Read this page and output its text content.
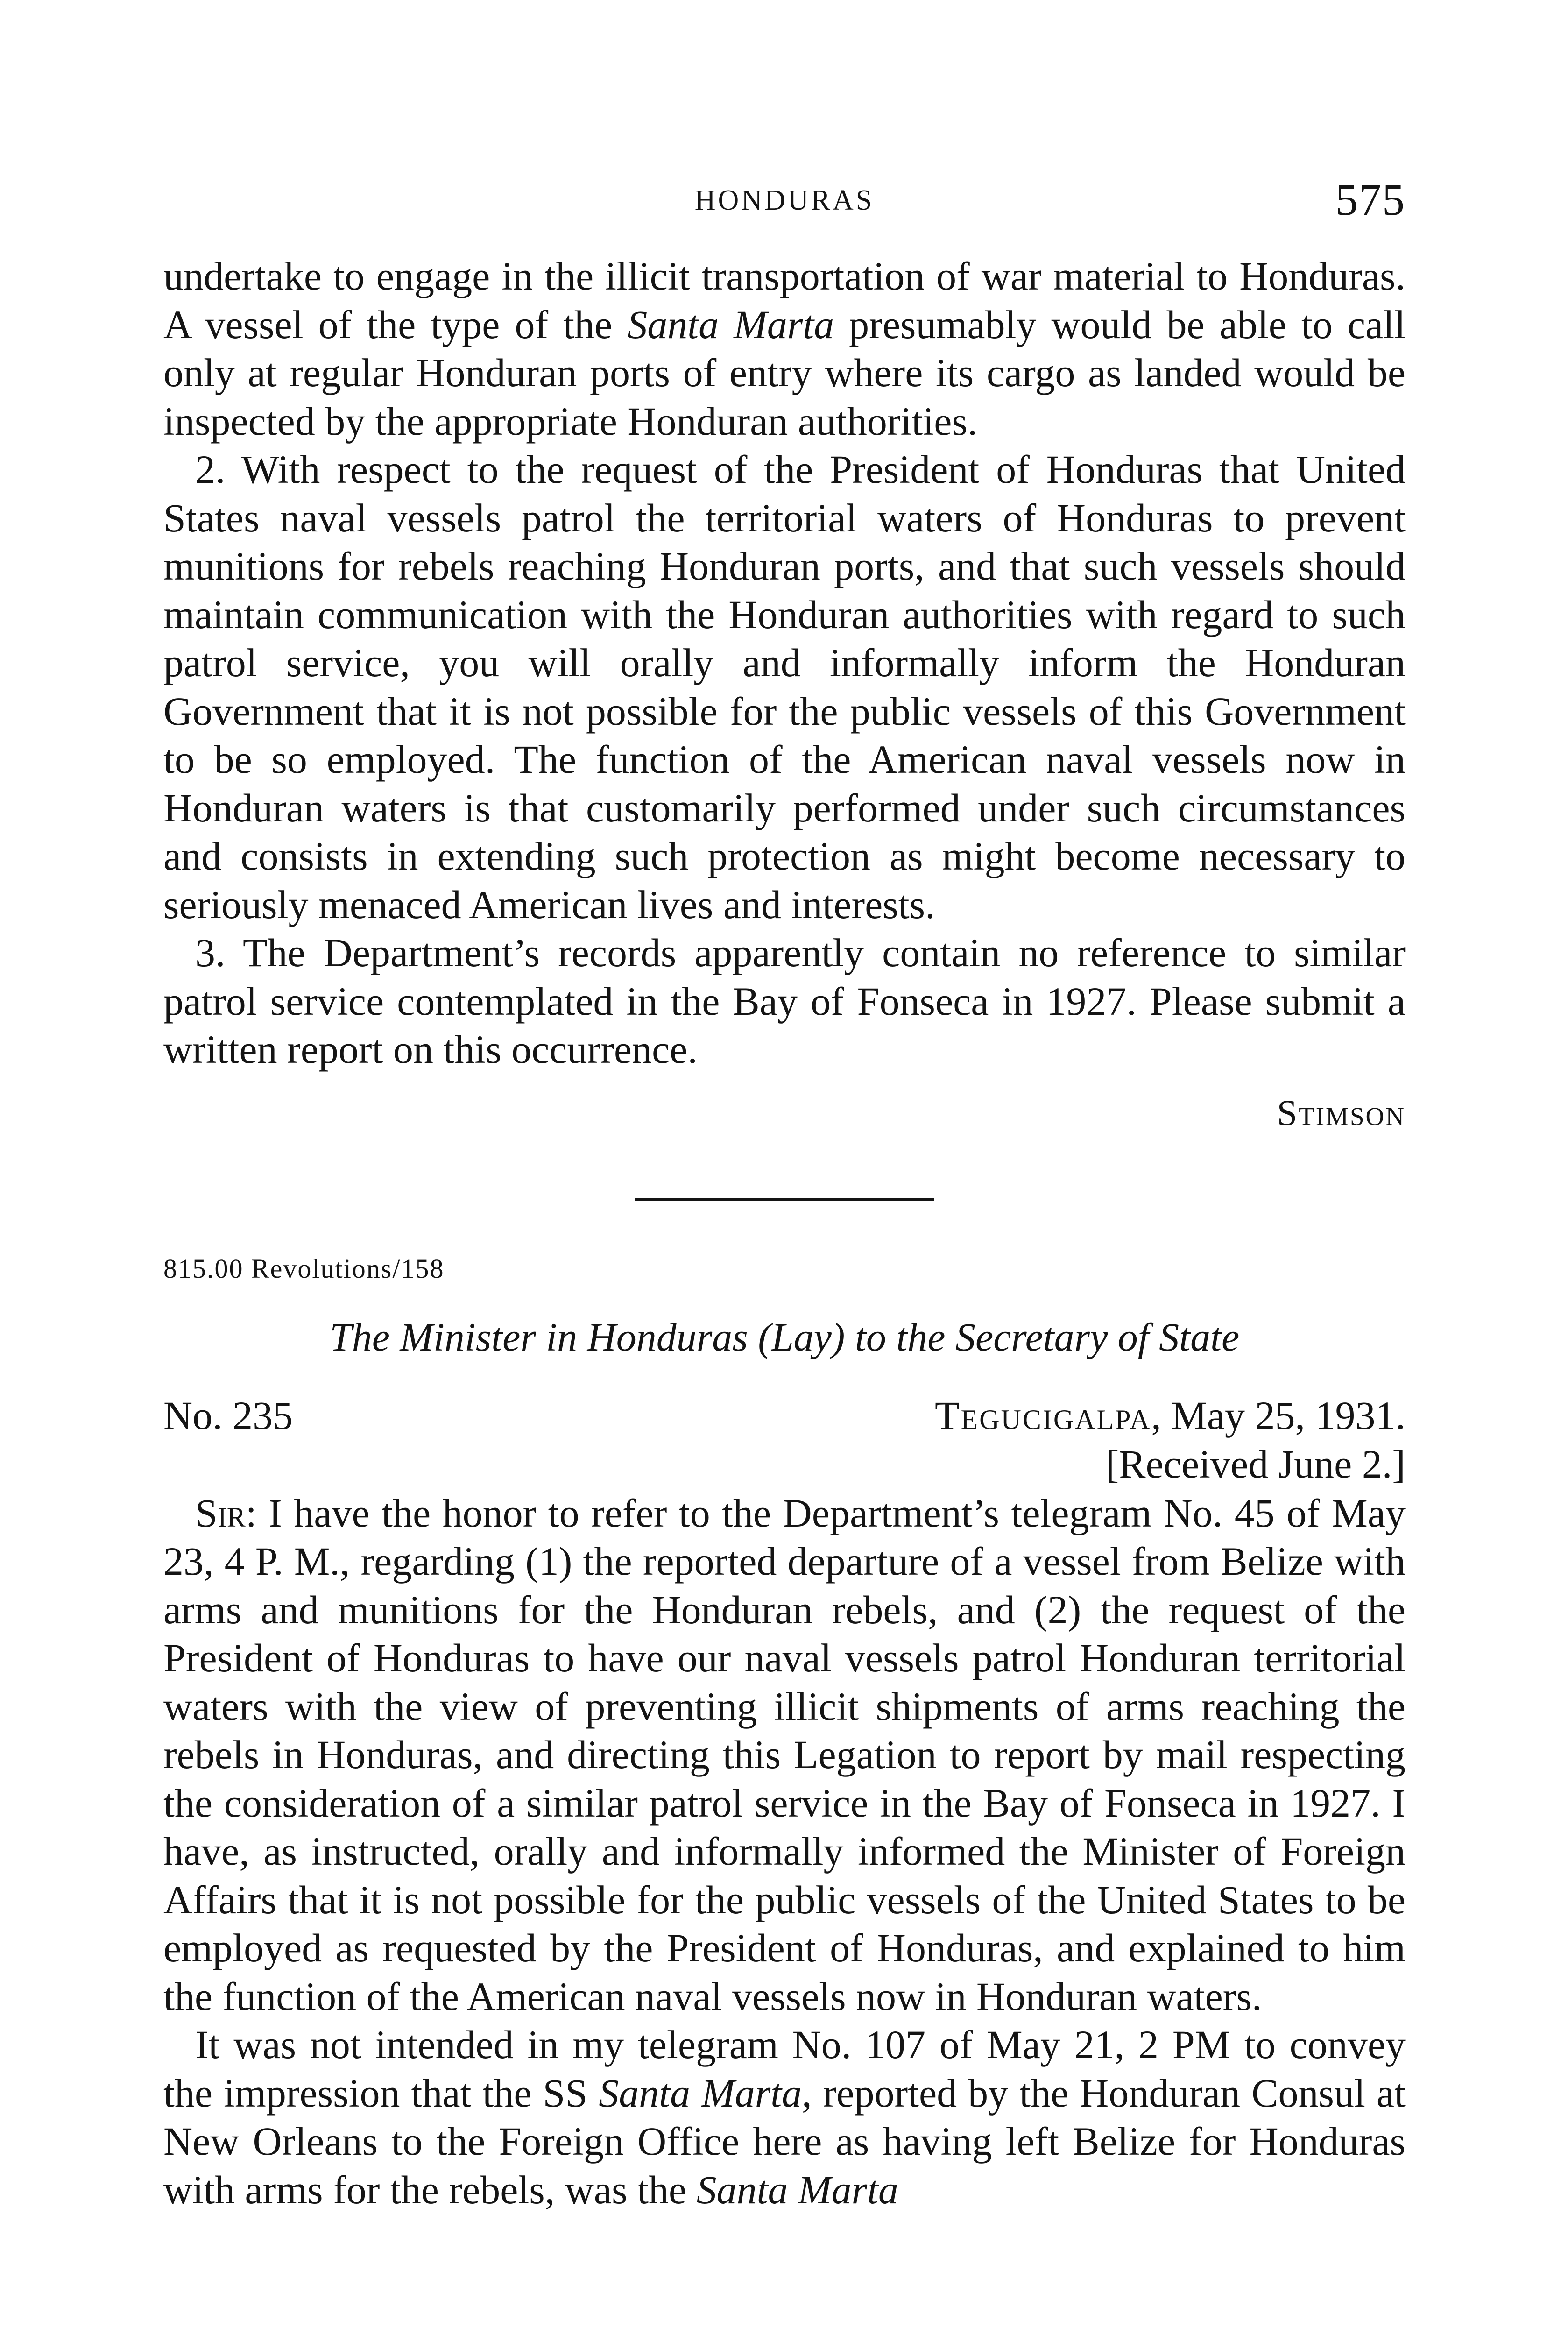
HONDURAS	575

undertake to engage in the illicit transportation of war material to Honduras. A vessel of the type of the Santa Marta presumably would be able to call only at regular Honduran ports of entry where its cargo as landed would be inspected by the appropriate Honduran authorities.

2. With respect to the request of the President of Honduras that United States naval vessels patrol the territorial waters of Honduras to prevent munitions for rebels reaching Honduran ports, and that such vessels should maintain communication with the Honduran authorities with regard to such patrol service, you will orally and informally inform the Honduran Government that it is not possible for the public vessels of this Government to be so employed. The function of the American naval vessels now in Honduran waters is that customarily performed under such circumstances and consists in extending such protection as might become necessary to seriously menaced American lives and interests.

3. The Department’s records apparently contain no reference to similar patrol service contemplated in the Bay of Fonseca in 1927. Please submit a written report on this occurrence.

Stimson
815.00 Revolutions/158
The Minister in Honduras (Lay) to the Secretary of State
No. 235	Tegucigalpa, May 25, 1931.
[Received June 2.]

Sir: I have the honor to refer to the Department’s telegram No. 45 of May 23, 4 P. M., regarding (1) the reported departure of a vessel from Belize with arms and munitions for the Honduran rebels, and (2) the request of the President of Honduras to have our naval vessels patrol Honduran territorial waters with the view of preventing illicit shipments of arms reaching the rebels in Honduras, and directing this Legation to report by mail respecting the consideration of a similar patrol service in the Bay of Fonseca in 1927. I have, as instructed, orally and informally informed the Minister of Foreign Affairs that it is not possible for the public vessels of the United States to be employed as requested by the President of Honduras, and explained to him the function of the American naval vessels now in Honduran waters.

It was not intended in my telegram No. 107 of May 21, 2 PM to convey the impression that the SS Santa Marta, reported by the Honduran Consul at New Orleans to the Foreign Office here as having left Belize for Honduras with arms for the rebels, was the Santa Marta
